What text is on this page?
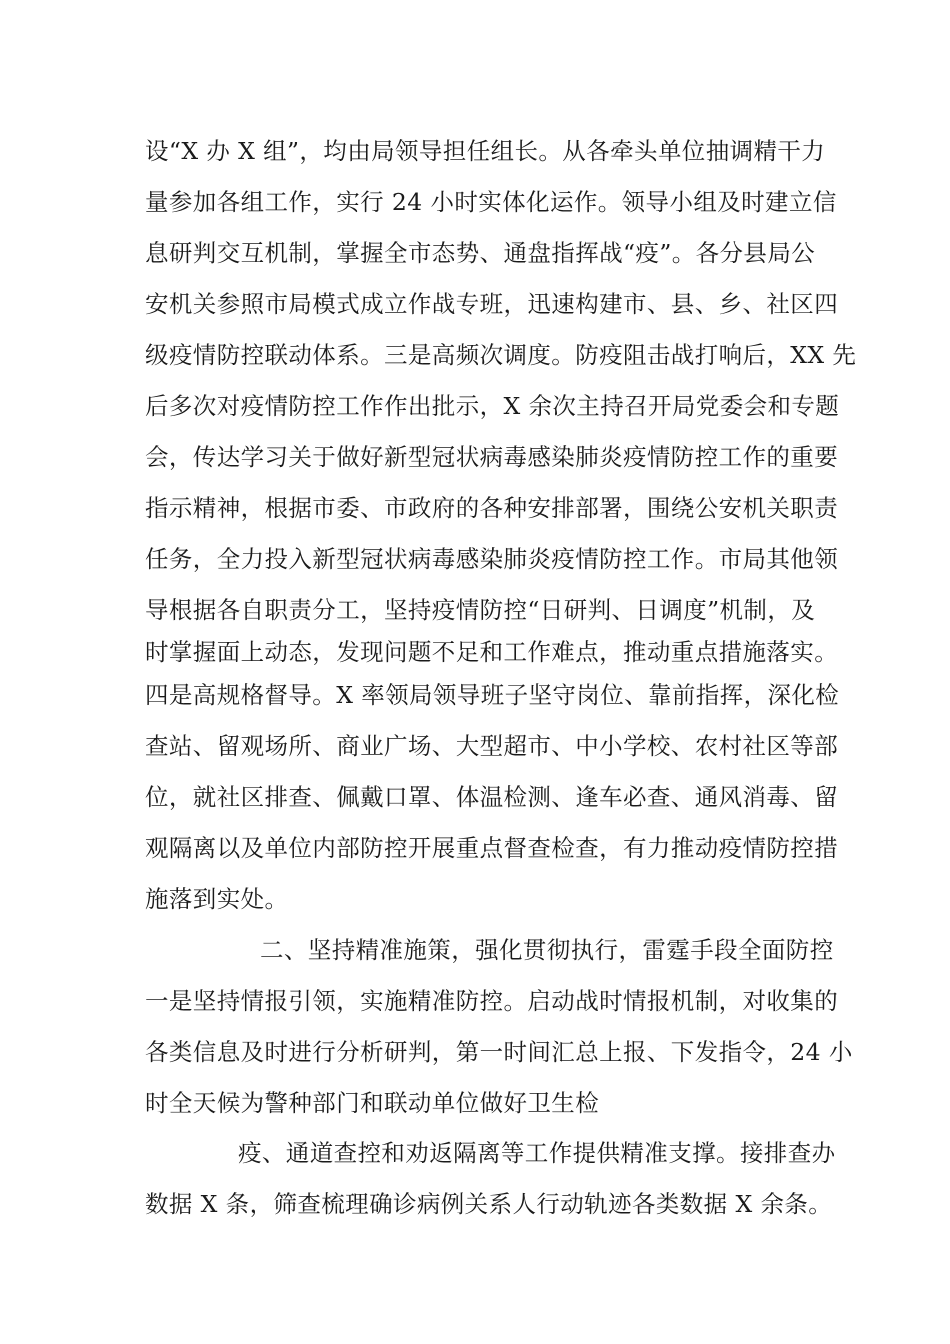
设“X 办 X 组”，均由局领导担任组长。从各牵头单位抽调精干力
量参加各组工作，实行 24 小时实体化运作。领导小组及时建立信
息研判交互机制，掌握全市态势、通盘指挥战“疫”。各分县局公
安机关参照市局模式成立作战专班，迅速构建市、县、乡、社区四
级疫情防控联动体系。三是高频次调度。防疫阻击战打响后，XX 先
后多次对疫情防控工作作出批示，X 余次主持召开局党委会和专题
会，传达学习关于做好新型冠状病毒感染肺炎疫情防控工作的重要
指示精神，根据市委、市政府的各种安排部署，围绕公安机关职责
任务，全力投入新型冠状病毒感染肺炎疫情防控工作。市局其他领
导根据各自职责分工，坚持疫情防控“日研判、日调度”机制，及
时掌握面上动态，发现问题不足和工作难点，推动重点措施落实。
四是高规格督导。X 率领局领导班子坚守岗位、靠前指挥，深化检
查站、留观场所、商业广场、大型超市、中小学校、农村社区等部
位，就社区排查、佩戴口罩、体温检测、逢车必查、通风消毒、留
观隔离以及单位内部防控开展重点督查检查，有力推动疫情防控措
施落到实处。
二、坚持精准施策，强化贯彻执行，雷霆手段全面防控
一是坚持情报引领，实施精准防控。启动战时情报机制，对收集的
各类信息及时进行分析研判，第一时间汇总上报、下发指令，24 小
时全天候为警种部门和联动单位做好卫生检
疫、通道查控和劝返隔离等工作提供精准支撑。接排查办
数据 X 条，筛查梳理确诊病例关系人行动轨迹各类数据 X 余条。
